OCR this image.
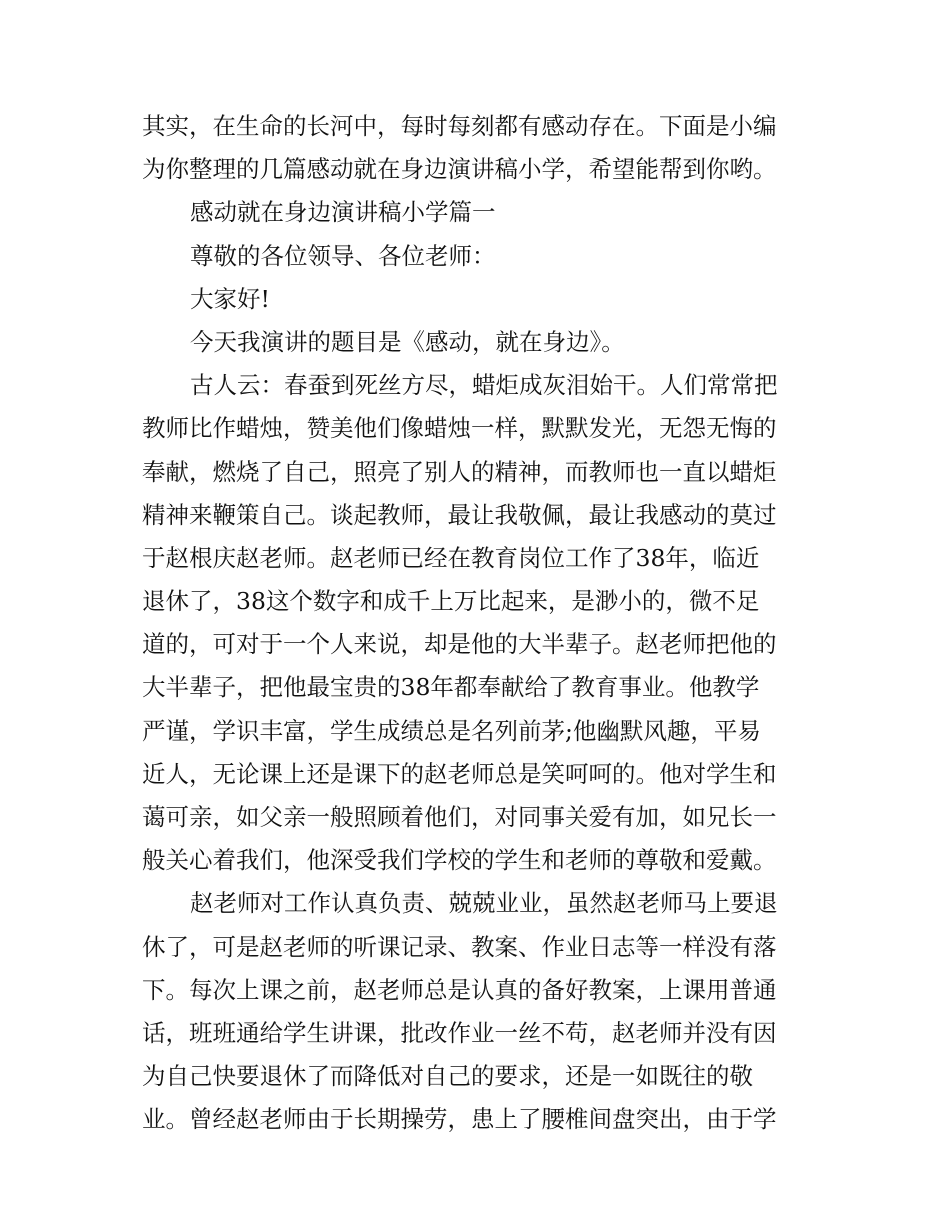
其实，在生命的长河中，每时每刻都有感动存在。下面是小编
为你整理的几篇感动就在身边演讲稿小学，希望能帮到你哟。
感动就在身边演讲稿小学篇一
尊敬的各位领导、各位老师：
大家好!
今天我演讲的题目是《感动，就在身边》。
古人云：春蚕到死丝方尽，蜡炬成灰泪始干。人们常常把
教师比作蜡烛，赞美他们像蜡烛一样，默默发光，无怨无悔的
奉献，燃烧了自己，照亮了别人的精神，而教师也一直以蜡炬
精神来鞭策自己。谈起教师，最让我敬佩，最让我感动的莫过
于赵根庆赵老师。赵老师已经在教育岗位工作了38年，临近
退休了，38这个数字和成千上万比起来，是渺小的，微不足
道的，可对于一个人来说，却是他的大半辈子。赵老师把他的
大半辈子，把他最宝贵的38年都奉献给了教育事业。他教学
严谨，学识丰富，学生成绩总是名列前茅;他幽默风趣，平易
近人，无论课上还是课下的赵老师总是笑呵呵的。他对学生和
蔼可亲，如父亲一般照顾着他们，对同事关爱有加，如兄长一
般关心着我们，他深受我们学校的学生和老师的尊敬和爱戴。
赵老师对工作认真负责、兢兢业业，虽然赵老师马上要退
休了，可是赵老师的听课记录、教案、作业日志等一样没有落
下。每次上课之前，赵老师总是认真的备好教案，上课用普通
话，班班通给学生讲课，批改作业一丝不苟，赵老师并没有因
为自己快要退休了而降低对自己的要求，还是一如既往的敬
业。曾经赵老师由于长期操劳，患上了腰椎间盘突出，由于学
